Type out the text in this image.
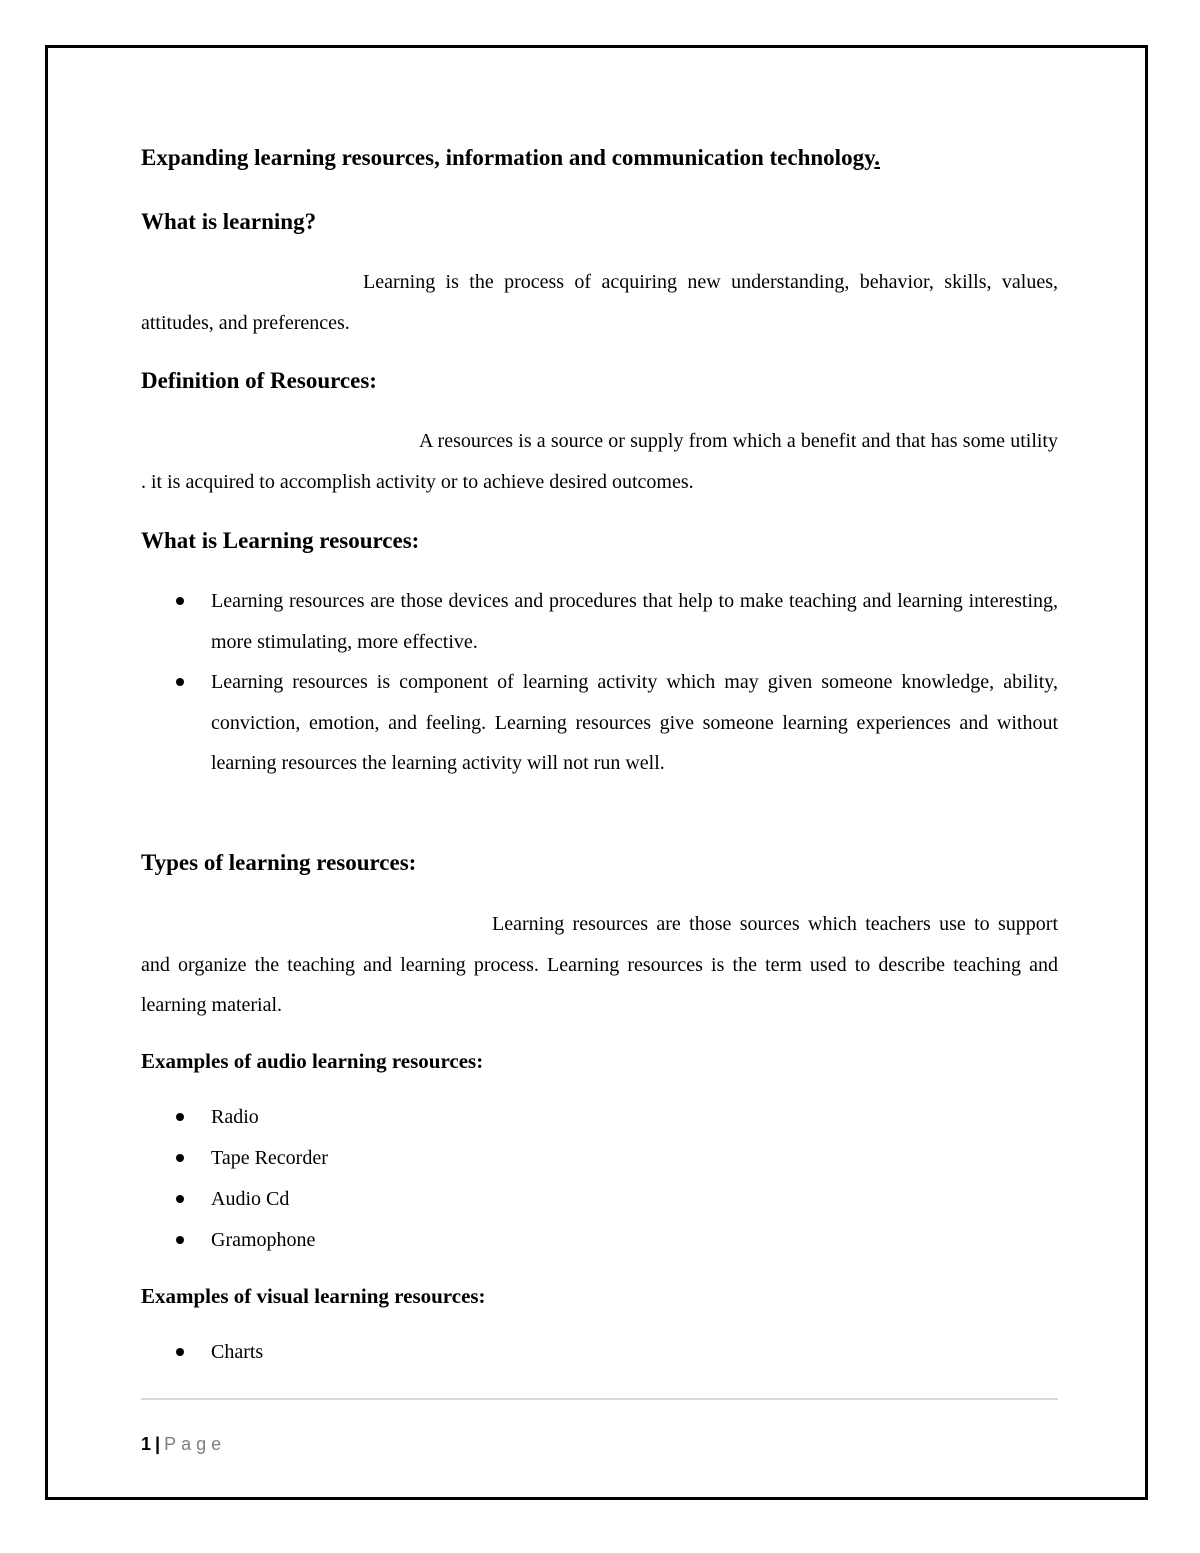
Expanding learning resources, information and communication technology.
What is learning?

Learning is the process of acquiring new understanding, behavior, skills, values, attitudes, and preferences.

Definition of Resources:

A resources is a source or supply from which a benefit and that has some utility . it is acquired to accomplish activity or to achieve desired outcomes.

What is Learning resources:
Learning resources are those devices and procedures that help to make teaching and learning interesting, more stimulating, more effective.
Learning resources is component of learning activity which may given someone knowledge, ability, conviction, emotion, and feeling. Learning resources give someone learning experiences and without learning resources the learning activity will not run well.
Types of learning resources:

Learning resources are those sources which teachers use to support and organize the teaching and learning process. Learning resources is the term used to describe teaching and learning material.

Examples of audio learning resources:
Radio
Tape Recorder
Audio Cd
Gramophone
Examples of visual learning resources:
Charts
1 | Page
